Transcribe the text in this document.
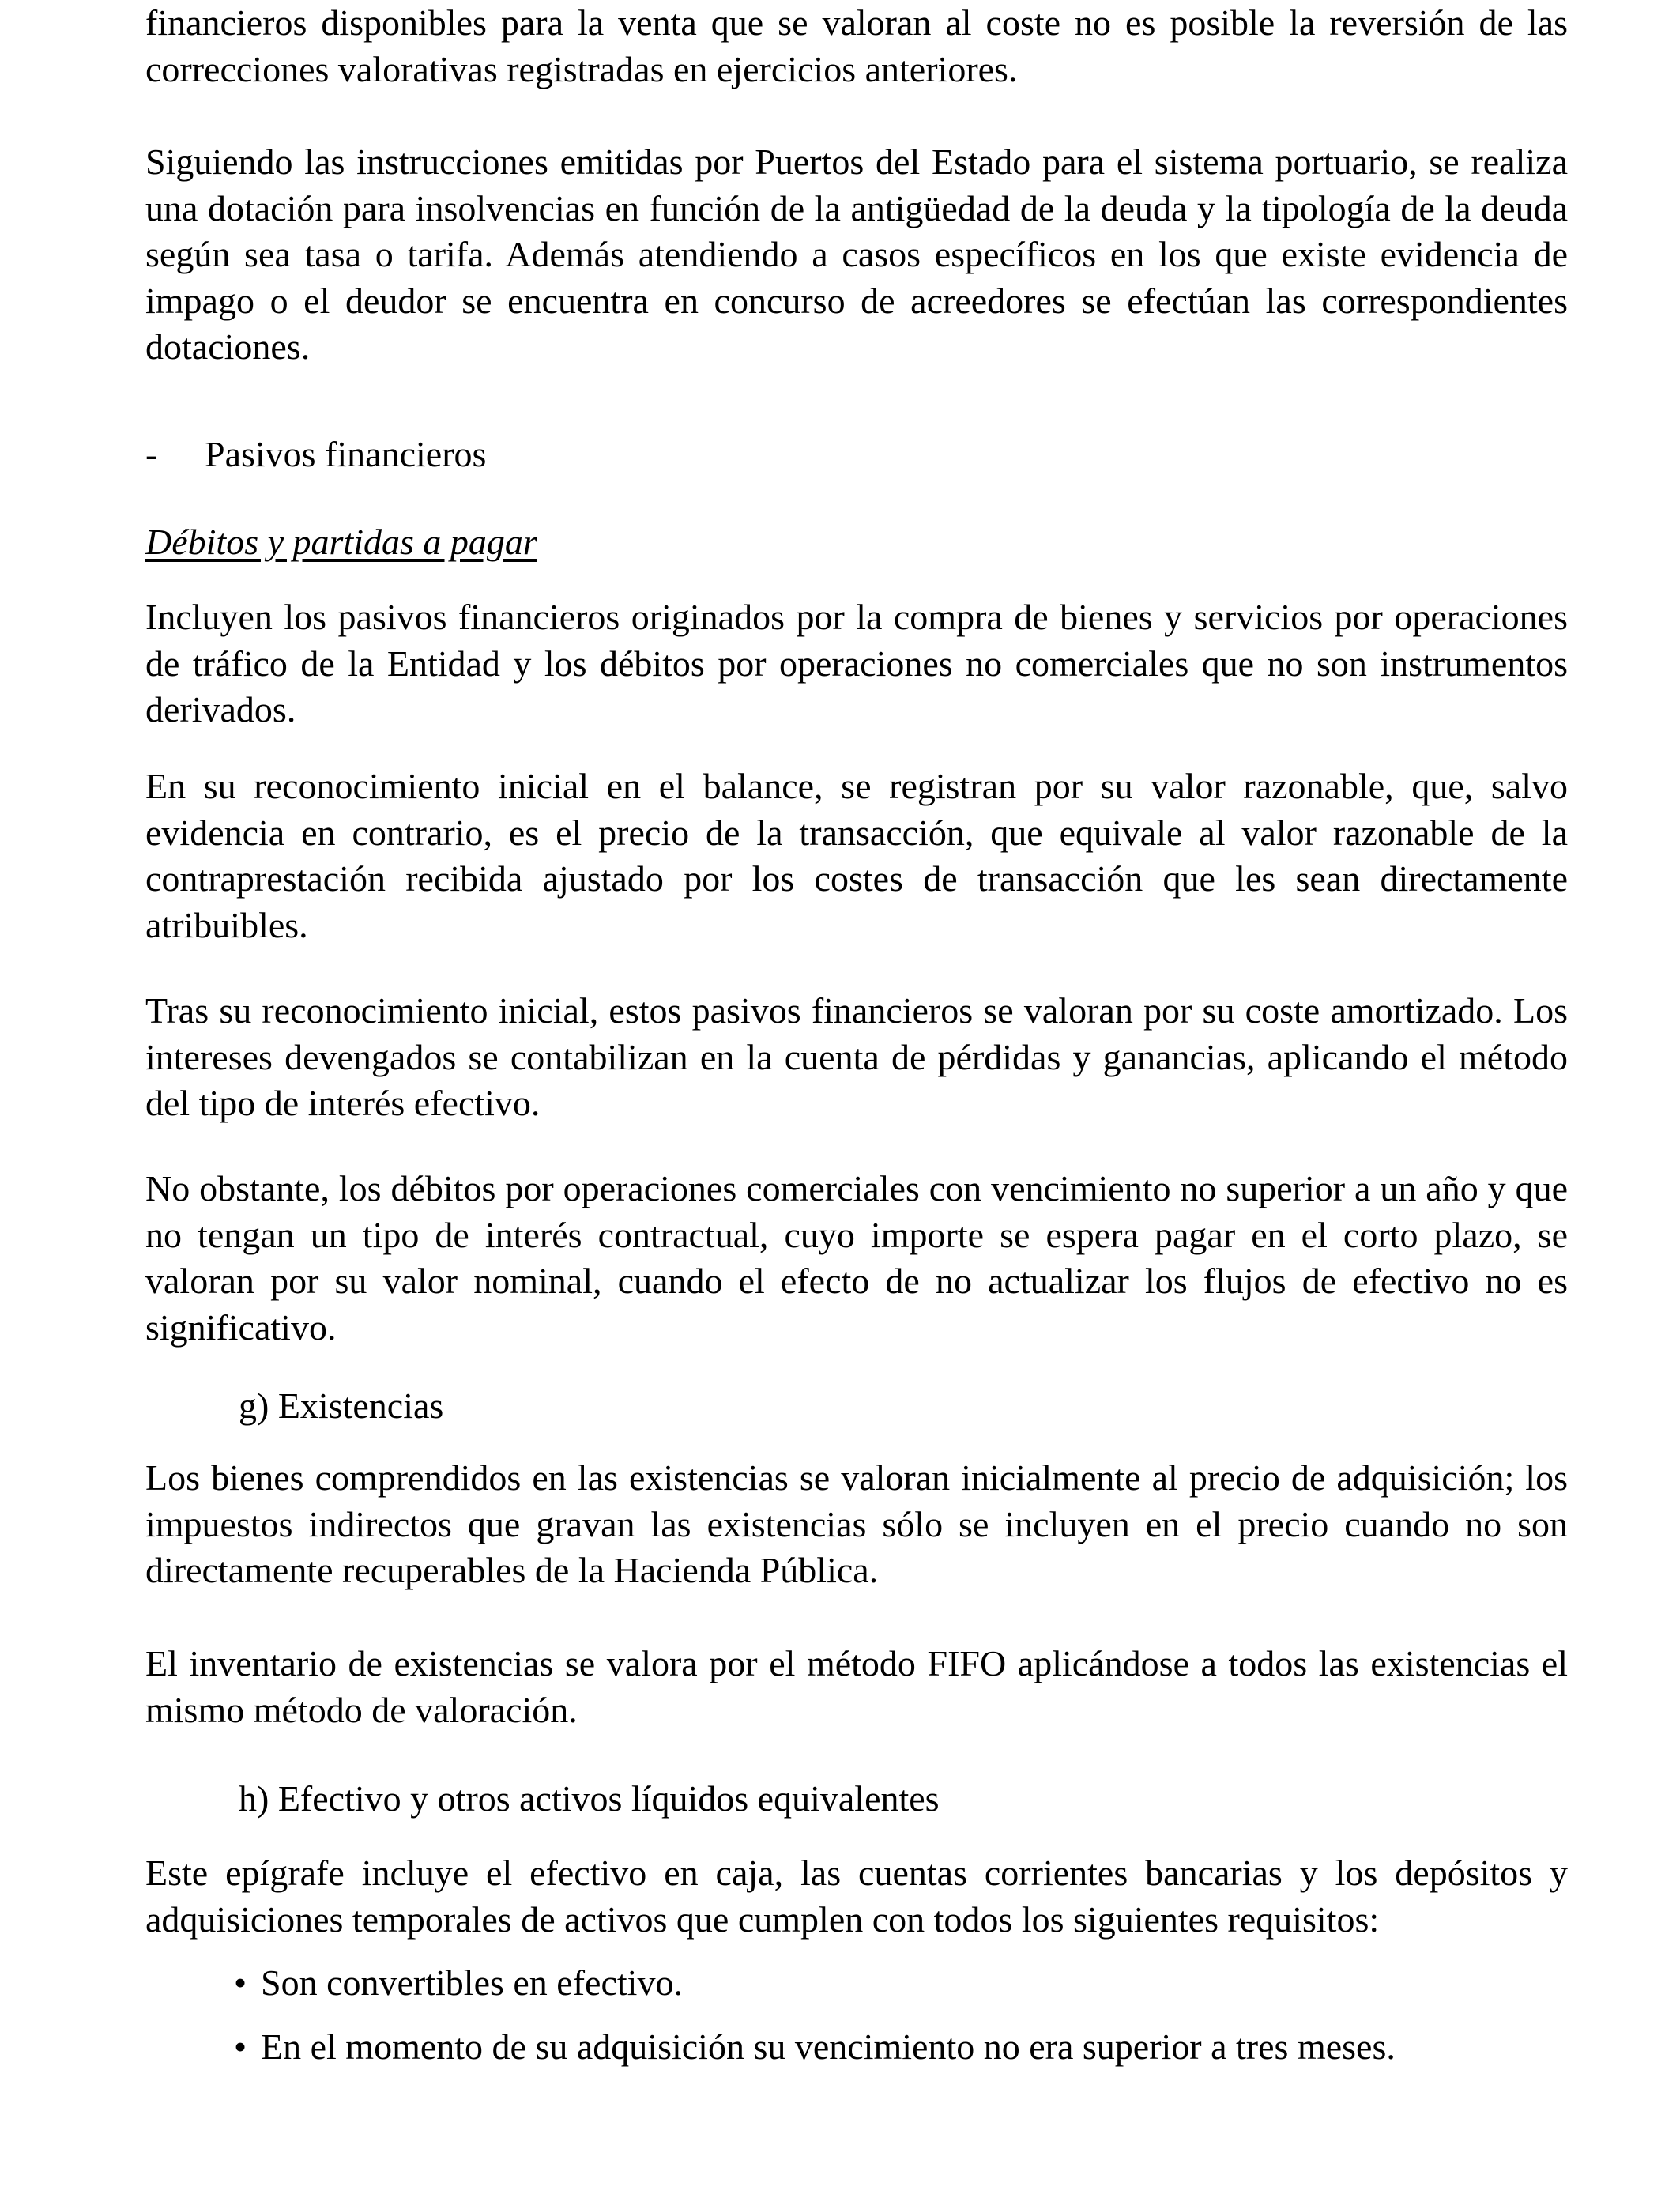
financieros disponibles para la venta que se valoran al coste no es posible la reversión de las correcciones valorativas registradas en ejercicios anteriores.

Siguiendo las instrucciones emitidas por Puertos del Estado para el sistema portuario, se realiza una dotación para insolvencias en función de la antigüedad de la deuda y la tipología de la deuda según sea tasa o tarifa. Además atendiendo a casos específicos en los que existe evidencia de impago o el deudor se encuentra en concurso de acreedores se efectúan las correspondientes dotaciones.

-	Pasivos financieros
Débitos y partidas a pagar

Incluyen los pasivos financieros originados por la compra de bienes y servicios por operaciones de tráfico de la Entidad y los débitos por operaciones no comerciales que no son instrumentos derivados.

En su reconocimiento inicial en el balance, se registran por su valor razonable, que, salvo evidencia en contrario, es el precio de la transacción, que equivale al valor razonable de la contraprestación recibida ajustado por los costes de transacción que les sean directamente atribuibles.

Tras su reconocimiento inicial, estos pasivos financieros se valoran por su coste amortizado. Los intereses devengados se contabilizan en la cuenta de pérdidas y ganancias, aplicando el método del tipo de interés efectivo.

No obstante, los débitos por operaciones comerciales con vencimiento no superior a un año y que no tengan un tipo de interés contractual, cuyo importe se espera pagar en el corto plazo, se valoran por su valor nominal, cuando el efecto de no actualizar los flujos de efectivo no es significativo.

g) Existencias

Los bienes comprendidos en las existencias se valoran inicialmente al precio de adquisición; los impuestos indirectos que gravan las existencias sólo se incluyen en el precio cuando no son directamente recuperables de la Hacienda Pública.

El inventario de existencias se valora por el método FIFO aplicándose a todos las existencias el mismo método de valoración.

h) Efectivo y otros activos líquidos equivalentes

Este epígrafe incluye el efectivo en caja, las cuentas corrientes bancarias y los depósitos y adquisiciones temporales de activos que cumplen con todos los siguientes requisitos:

• Son convertibles en efectivo.
• En el momento de su adquisición su vencimiento no era superior a tres meses.
